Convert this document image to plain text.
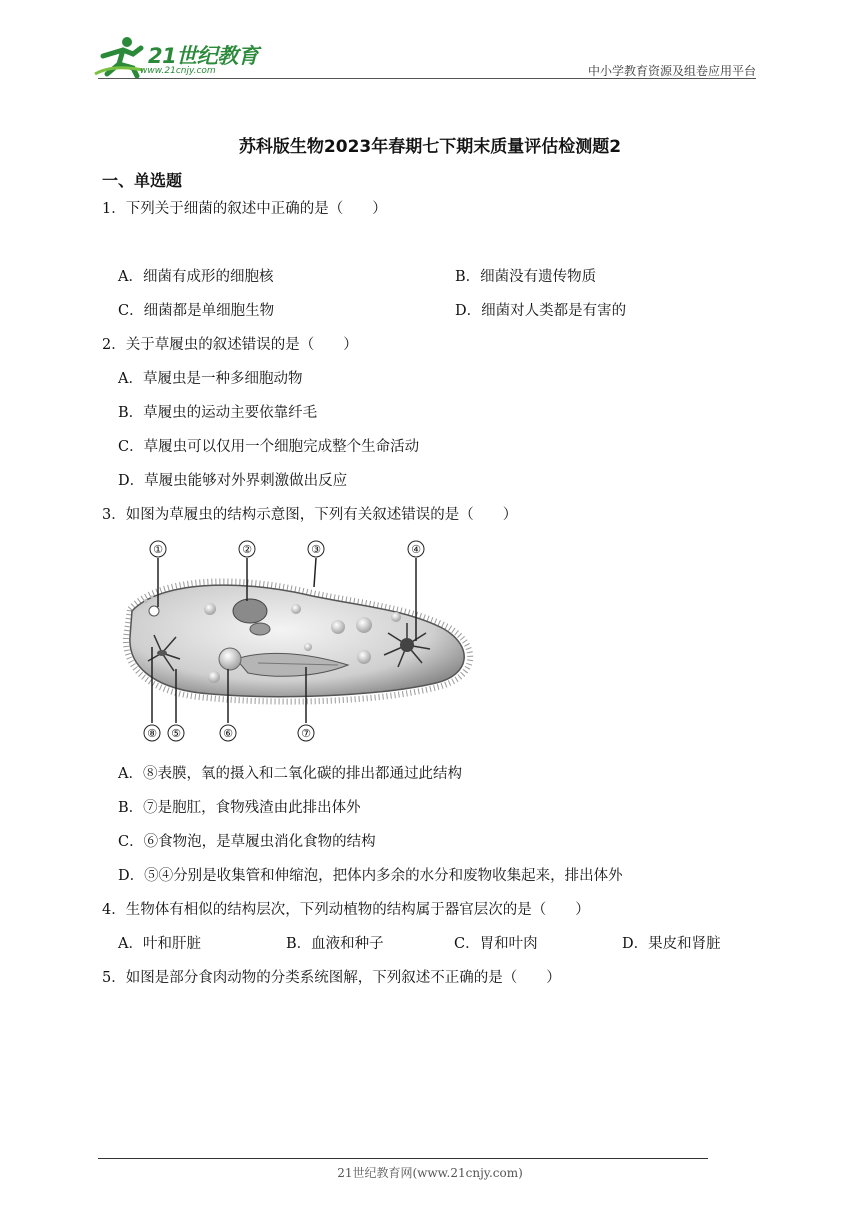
21世纪教育
www.21cnjy.com	中小学教育资源及组卷应用平台
苏科版生物2023年春期七下期末质量评估检测题2
一、单选题
1．下列关于细菌的叙述中正确的是（　　）
A．细菌有成形的细胞核	B．细菌没有遗传物质
C．细菌都是单细胞生物	D．细菌对人类都是有害的
2．关于草履虫的叙述错误的是（　　）
A．草履虫是一种多细胞动物
B．草履虫的运动主要依靠纤毛
C．草履虫可以仅用一个细胞完成整个生命活动
D．草履虫能够对外界刺激做出反应
3．如图为草履虫的结构示意图，下列有关叙述错误的是（　　）
①	②	③	④
⑧ ⑤	⑥	⑦
A．⑧表膜，氧的摄入和二氧化碳的排出都通过此结构
B．⑦是胞肛，食物残渣由此排出体外
C．⑥食物泡，是草履虫消化食物的结构
D．⑤④分别是收集管和伸缩泡，把体内多余的水分和废物收集起来，排出体外
4．生物体有相似的结构层次，下列动植物的结构属于器官层次的是（　　）
A．叶和肝脏	B．血液和种子	C．胃和叶肉	D．果皮和肾脏
5．如图是部分食肉动物的分类系统图解，下列叙述不正确的是（　　）
21世纪教育网(www.21cnjy.com)
